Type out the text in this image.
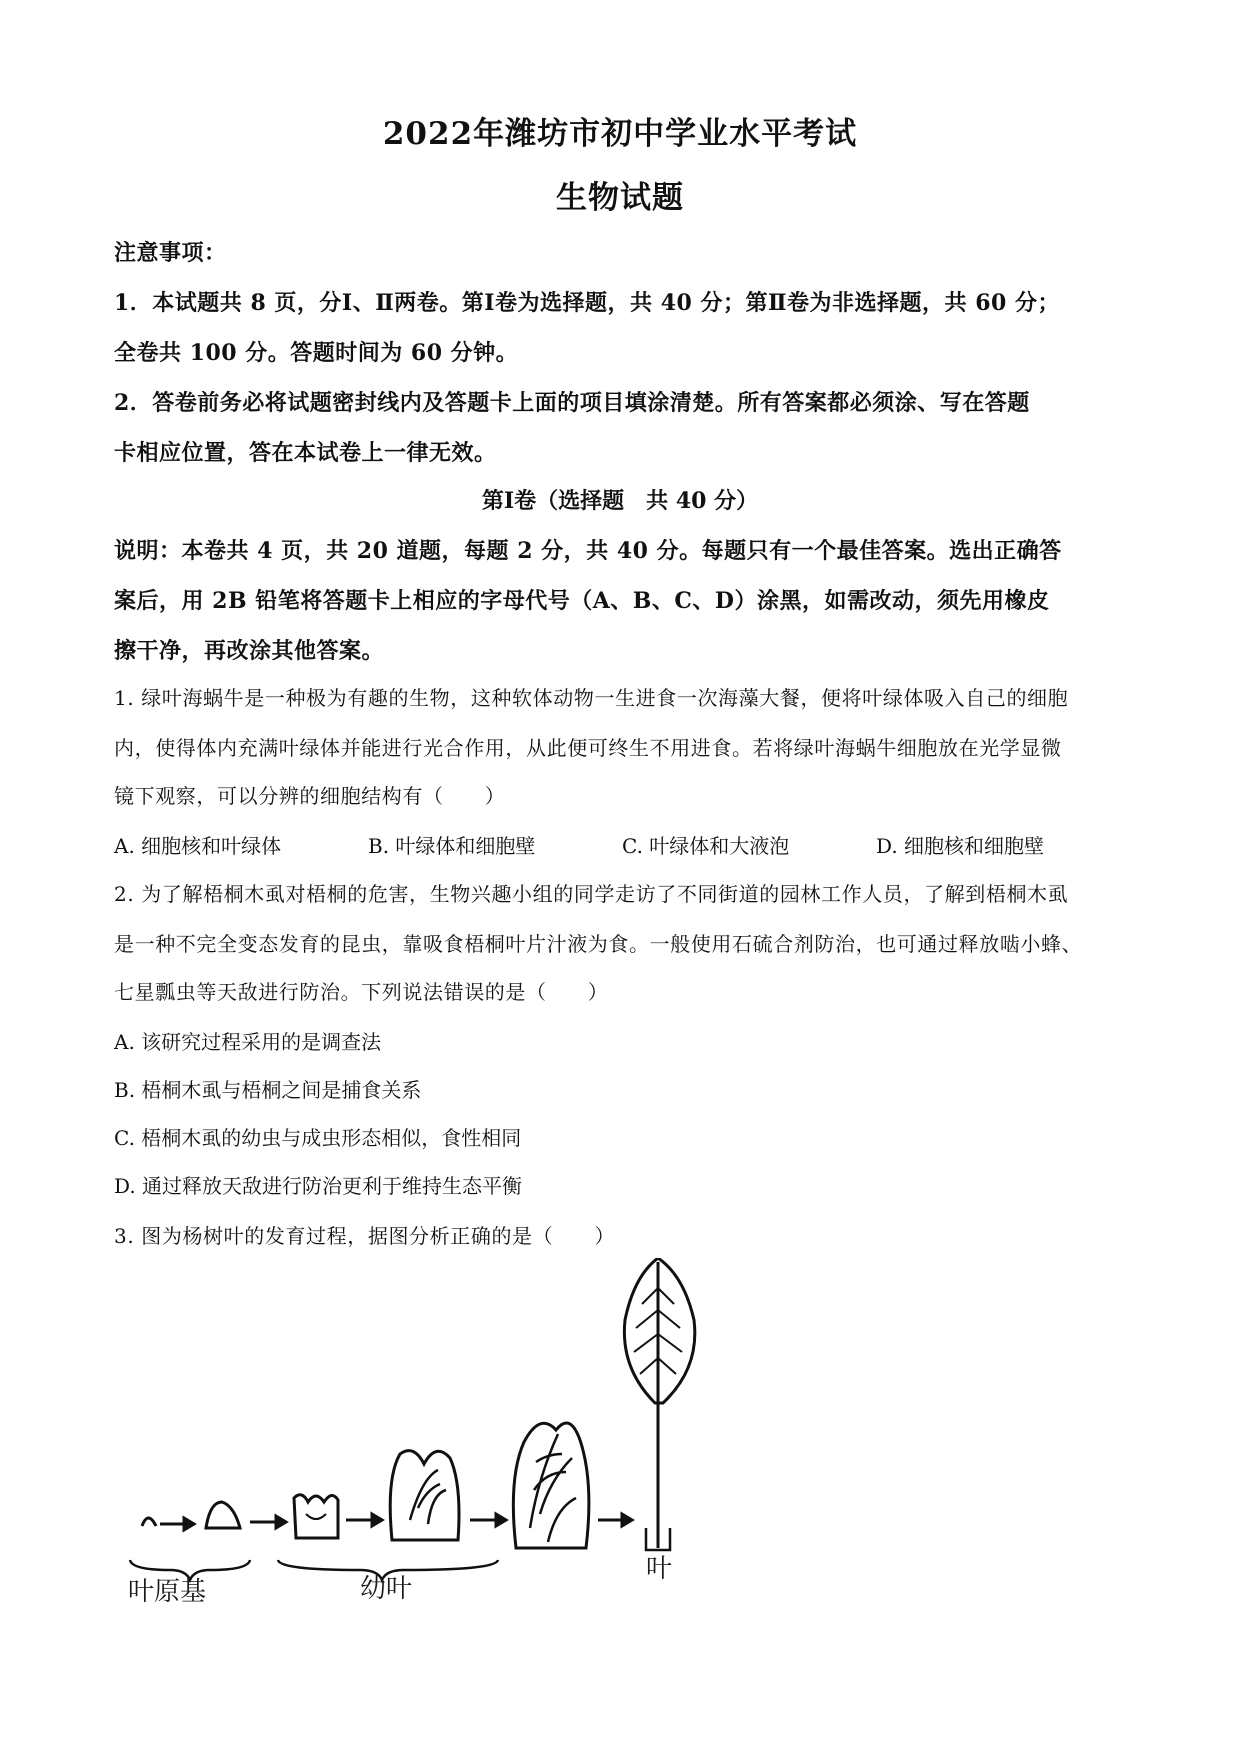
2022年潍坊市初中学业水平考试
生物试题
注意事项：
1．本试题共 8 页，分Ⅰ、Ⅱ两卷。第Ⅰ卷为选择题，共 40 分；第Ⅱ卷为非选择题，共 60 分；
全卷共 100 分。答题时间为 60 分钟。
2．答卷前务必将试题密封线内及答题卡上面的项目填涂清楚。所有答案都必须涂、写在答题
卡相应位置，答在本试卷上一律无效。
第Ⅰ卷（选择题　共 40 分）
说明：本卷共 4 页，共 20 道题，每题 2 分，共 40 分。每题只有一个最佳答案。选出正确答
案后，用 2B 铅笔将答题卡上相应的字母代号（A、B、C、D）涂黑，如需改动，须先用橡皮
擦干净，再改涂其他答案。
1. 绿叶海蜗牛是一种极为有趣的生物，这种软体动物一生进食一次海藻大餐，便将叶绿体吸入自己的细胞
内，使得体内充满叶绿体并能进行光合作用，从此便可终生不用进食。若将绿叶海蜗牛细胞放在光学显微
镜下观察，可以分辨的细胞结构有（　　）
A. 细胞核和叶绿体	B. 叶绿体和细胞壁	C. 叶绿体和大液泡	D. 细胞核和细胞壁
2. 为了解梧桐木虱对梧桐的危害，生物兴趣小组的同学走访了不同街道的园林工作人员，了解到梧桐木虱
是一种不完全变态发育的昆虫，靠吸食梧桐叶片汁液为食。一般使用石硫合剂防治，也可通过释放啮小蜂、
七星瓢虫等天敌进行防治。下列说法错误的是（　　）
A. 该研究过程采用的是调查法
B. 梧桐木虱与梧桐之间是捕食关系
C. 梧桐木虱的幼虫与成虫形态相似，食性相同
D. 通过释放天敌进行防治更利于维持生态平衡
3. 图为杨树叶的发育过程，据图分析正确的是（　　）
叶原基	幼叶
叶
